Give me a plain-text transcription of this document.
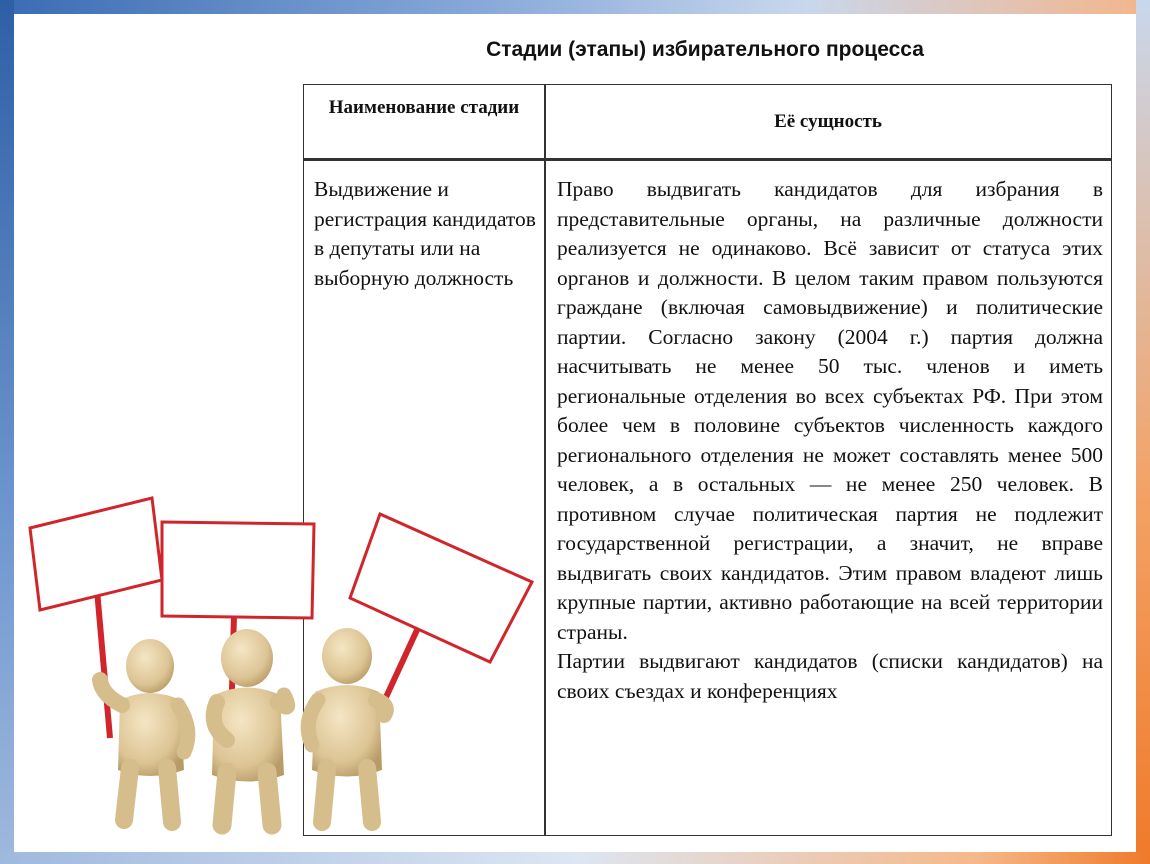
Стадии (этапы) избирательного процесса
Наименование стадии
Её сущность
Выдвижение и регистрация кандидатов в депутаты или на выборную должность

Право выдвигать кандидатов для избрания в представительные органы, на различные должности реализуется не одинаково. Всё зависит от статуса этих органов и должности. В целом таким правом пользуются граждане (включая самовыдвижение) и политические партии. Согласно закону (2004 г.) партия должна насчитывать не менее 50 тыс. членов и иметь региональные отделения во всех субъектах РФ. При этом более чем в половине субъектов численность каждого регионального отделения не может составлять менее 500 человек, а в остальных — не менее 250 человек. В противном случае политическая партия не подлежит государственной регистрации, а значит, не вправе выдвигать своих кандидатов. Этим правом владеют лишь крупные партии, активно работающие на всей территории страны.

Партии выдвигают кандидатов (списки кандидатов) на своих съездах и конференциях
